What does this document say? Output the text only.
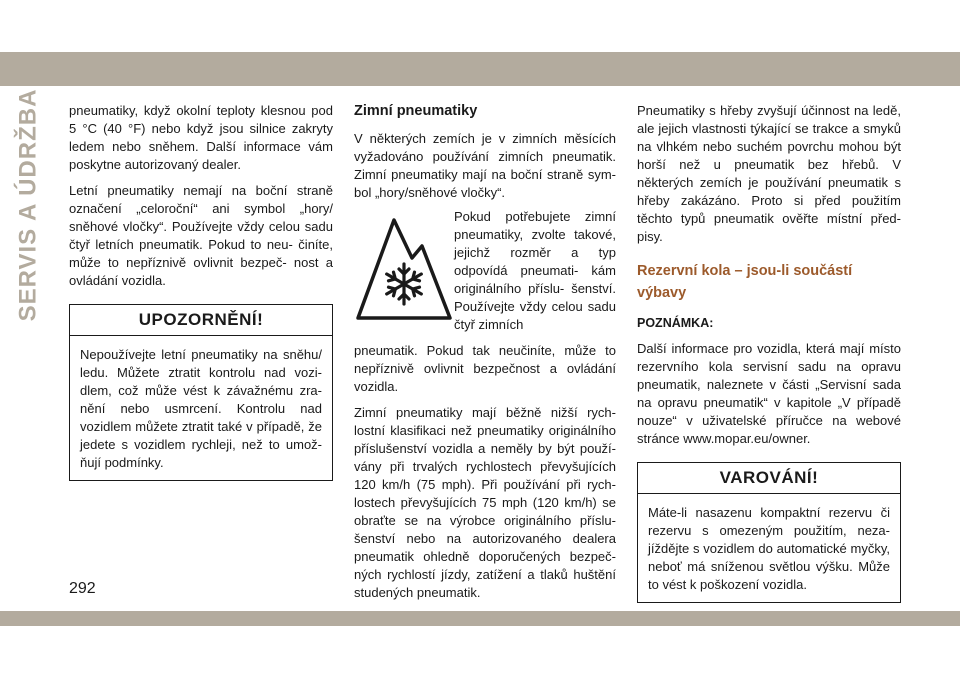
SERVIS A ÚDRŽBA pneumatiky, když okolní teploty klesnou pod 5 °C (40 °F) nebo když jsou silnice zakryty ledem nebo sněhem. Další informace vám poskytne autorizovaný dealer.

Letní pneumatiky nemají na boční straně označení „celoroční“ ani symbol „hory/ sněhové vločky“. Používejte vždy celou sadu čtyř letních pneumatik. Pokud to neu- činíte, může to nepříznivě ovlivnit bezpeč- nost a ovládání vozidla.

UPOZORNĚNÍ!
Nepoužívejte letní pneumatiky na sněhu/ ledu. Můžete ztratit kontrolu nad vozi- dlem, což může vést k závažnému zra- nění nebo usmrcení. Kontrolu nad vozidlem můžete ztratit také v případě, že jedete s vozidlem rychleji, než to umož- ňují podmínky.
Zimní pneumatiky

V některých zemích je v zimních měsících vyžadováno používání zimních pneumatik. Zimní pneumatiky mají na boční straně sym- bol „hory/sněhové vločky“.

Pokud potřebujete zimní pneumatiky, zvolte takové, jejichž rozměr a typ odpovídá pneumati- kám originálního příslu- šenství. Používejte vždy celou sadu čtyř zimních

pneumatik. Pokud tak neučiníte, může to nepříznivě ovlivnit bezpečnost a ovládání vozidla.

Zimní pneumatiky mají běžně nižší rych- lostní klasifikaci než pneumatiky originálního příslušenství vozidla a neměly by být použí- vány při trvalých rychlostech převyšujících 120 km/h (75 mph). Při používání při rych- lostech převyšujících 75 mph (120 km/h) se obraťte se na výrobce originálního příslu- šenství nebo na autorizovaného dealera pneumatik ohledně doporučených bezpeč- ných rychlostí jízdy, zatížení a tlaků huštění studených pneumatik.

Pneumatiky s hřeby zvyšují účinnost na ledě, ale jejich vlastnosti týkající se trakce a smyků na vlhkém nebo suchém povrchu mohou být horší než u pneumatik bez hřebů. V některých zemích je používání pneumatik s hřeby zakázáno. Proto si před použitím těchto typů pneumatik ověřte místní před- pisy.

Rezervní kola – jsou-li součástí výbavy

POZNÁMKA:

Další informace pro vozidla, která mají místo rezervního kola servisní sadu na opravu pneumatik, naleznete v části „Servisní sada na opravu pneumatik“ v kapitole „V případě nouze“ v uživatelské příručce na webové stránce www.mopar.eu/owner.

VAROVÁNÍ!
Máte-li nasazenu kompaktní rezervu či rezervu s omezeným použitím, neza- jíždějte s vozidlem do automatické myčky, neboť má sníženou světlou výšku. Může to vést k poškození vozidla.
292
